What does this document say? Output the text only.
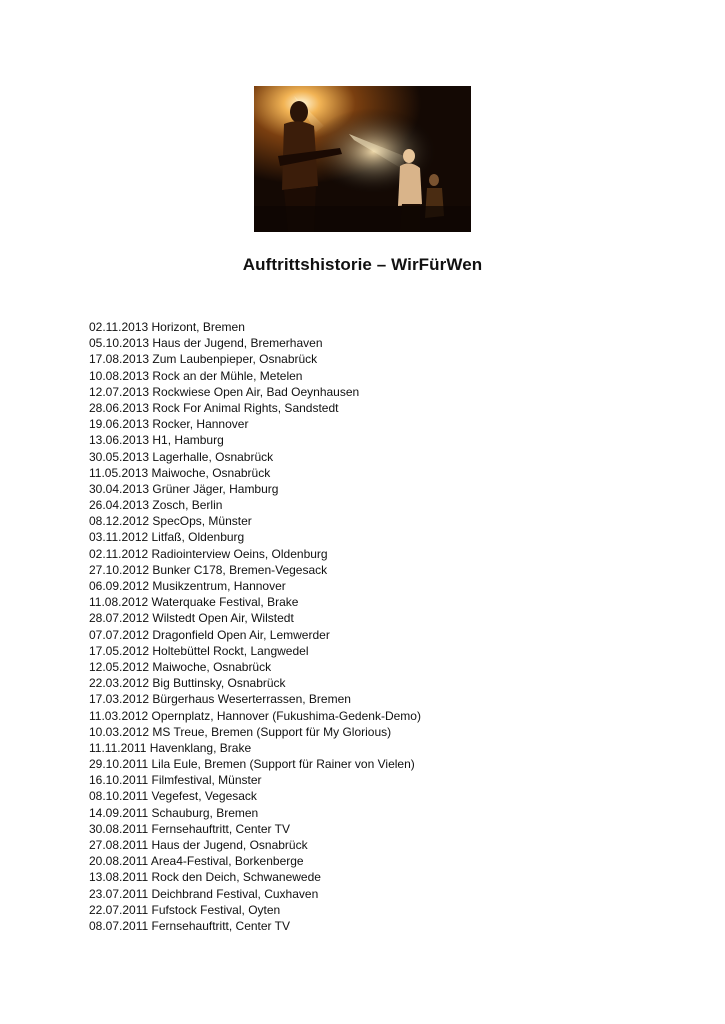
Auftrittshistorie – WirFürWen
02.11.2013 Horizont, Bremen
05.10.2013 Haus der Jugend, Bremerhaven
17.08.2013 Zum Laubenpieper, Osnabrück
10.08.2013 Rock an der Mühle, Metelen
12.07.2013 Rockwiese Open Air, Bad Oeynhausen
28.06.2013 Rock For Animal Rights, Sandstedt
19.06.2013 Rocker, Hannover
13.06.2013 H1, Hamburg
30.05.2013 Lagerhalle, Osnabrück
11.05.2013 Maiwoche, Osnabrück
30.04.2013 Grüner Jäger, Hamburg
26.04.2013 Zosch, Berlin
08.12.2012 SpecOps, Münster
03.11.2012 Litfaß, Oldenburg
02.11.2012 Radiointerview Oeins, Oldenburg
27.10.2012 Bunker C178, Bremen-Vegesack
06.09.2012 Musikzentrum, Hannover
11.08.2012 Waterquake Festival, Brake
28.07.2012 Wilstedt Open Air, Wilstedt
07.07.2012 Dragonfield Open Air, Lemwerder
17.05.2012 Holtebüttel Rockt, Langwedel
12.05.2012 Maiwoche, Osnabrück
22.03.2012 Big Buttinsky, Osnabrück
17.03.2012 Bürgerhaus Weserterrassen, Bremen
11.03.2012 Opernplatz, Hannover (Fukushima-Gedenk-Demo)
10.03.2012 MS Treue, Bremen (Support für My Glorious)
11.11.2011 Havenklang, Brake
29.10.2011 Lila Eule, Bremen (Support für Rainer von Vielen)
16.10.2011 Filmfestival, Münster
08.10.2011 Vegefest, Vegesack
14.09.2011 Schauburg, Bremen
30.08.2011 Fernsehauftritt, Center TV
27.08.2011 Haus der Jugend, Osnabrück
20.08.2011 Area4-Festival, Borkenberge
13.08.2011 Rock den Deich, Schwanewede
23.07.2011 Deichbrand Festival, Cuxhaven
22.07.2011 Fufstock Festival, Oyten
08.07.2011 Fernsehauftritt, Center TV
